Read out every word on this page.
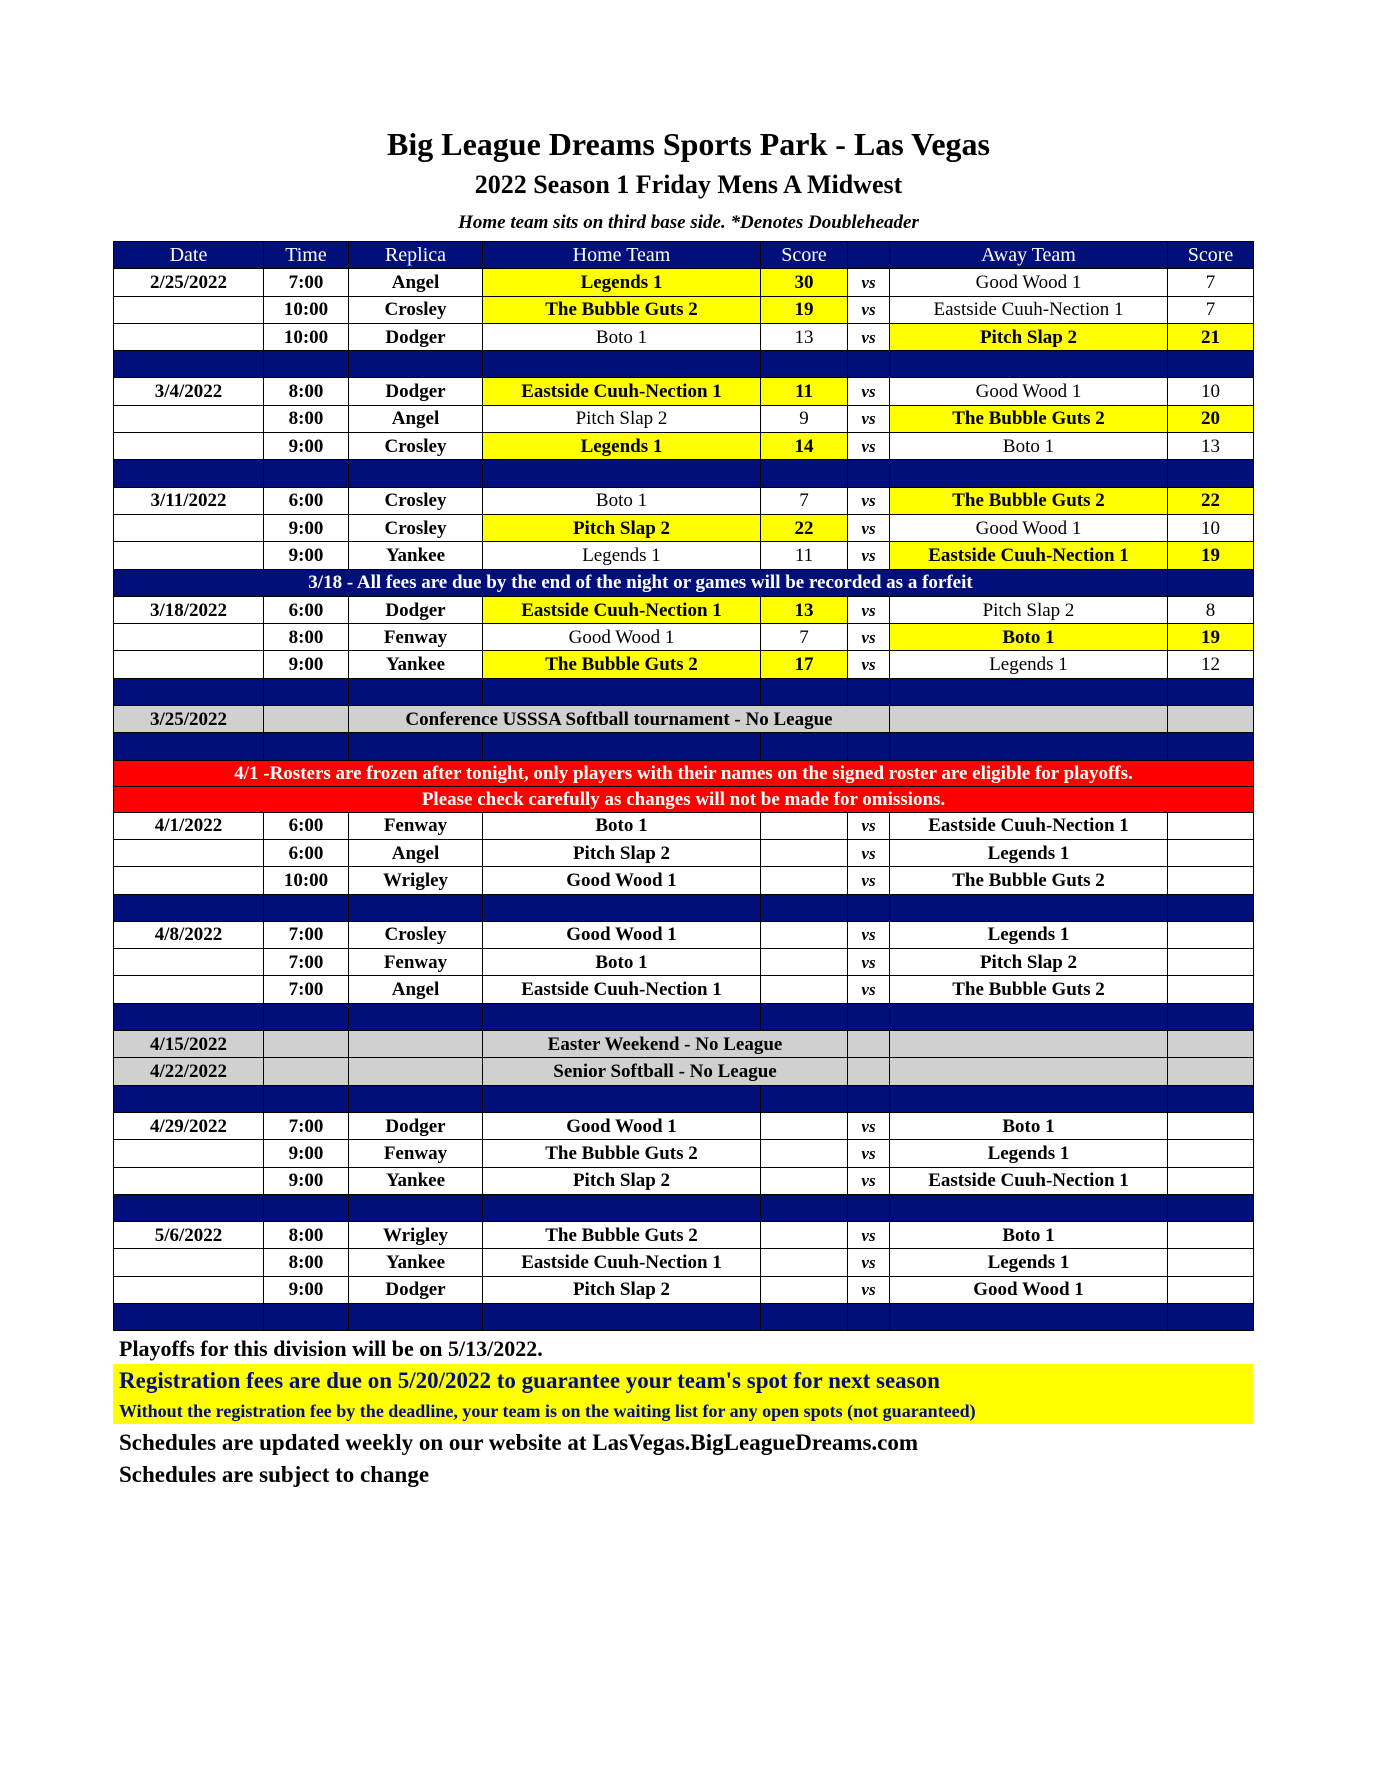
Big League Dreams Sports Park - Las Vegas
2022 Season 1 Friday Mens A Midwest
Home team sits on third base side. *Denotes Doubleheader
Date	Time	Replica	Home Team	Score		Away Team	Score
2/25/2022	7:00	Angel	Legends 1	30	vs	Good Wood 1	7
	10:00	Crosley	The Bubble Guts 2	19	vs	Eastside Cuuh-Nection 1	7
	10:00	Dodger	Boto 1	13	vs	Pitch Slap 2	21

3/4/2022	8:00	Dodger	Eastside Cuuh-Nection 1	11	vs	Good Wood 1	10
	8:00	Angel	Pitch Slap 2	9	vs	The Bubble Guts 2	20
	9:00	Crosley	Legends 1	14	vs	Boto 1	13

3/11/2022	6:00	Crosley	Boto 1	7	vs	The Bubble Guts 2	22
	9:00	Crosley	Pitch Slap 2	22	vs	Good Wood 1	10
	9:00	Yankee	Legends 1	11	vs	Eastside Cuuh-Nection 1	19
3/18 - All fees are due by the end of the night or games will be recorded as a forfeit							
3/18/2022	6:00	Dodger	Eastside Cuuh-Nection 1	13	vs	Pitch Slap 2	8
	8:00	Fenway	Good Wood 1	7	vs	Boto 1	19
	9:00	Yankee	The Bubble Guts 2	17	vs	Legends 1	12

3/25/2022		Conference USSSA Softball tournament - No League					

4/1 -Rosters are frozen after tonight, only players with their names on the signed roster are eligible for playoffs.							
Please check carefully as changes will not be made for omissions.							
4/1/2022	6:00	Fenway	Boto 1		vs	Eastside Cuuh-Nection 1	
	6:00	Angel	Pitch Slap 2		vs	Legends 1	
	10:00	Wrigley	Good Wood 1		vs	The Bubble Guts 2	

4/8/2022	7:00	Crosley	Good Wood 1		vs	Legends 1	
	7:00	Fenway	Boto 1		vs	Pitch Slap 2	
	7:00	Angel	Eastside Cuuh-Nection 1		vs	The Bubble Guts 2	

4/15/2022			Easter Weekend - No League				
4/22/2022			Senior Softball - No League				

4/29/2022	7:00	Dodger	Good Wood 1		vs	Boto 1	
	9:00	Fenway	The Bubble Guts 2		vs	Legends 1	
	9:00	Yankee	Pitch Slap 2		vs	Eastside Cuuh-Nection 1	

5/6/2022	8:00	Wrigley	The Bubble Guts 2		vs	Boto 1	
	8:00	Yankee	Eastside Cuuh-Nection 1		vs	Legends 1	
	9:00	Dodger	Pitch Slap 2		vs	Good Wood 1	

Playoffs for this division will be on 5/13/2022.
Registration fees are due on 5/20/2022 to guarantee your team's spot for next season
Without the registration fee by the deadline, your team is on the waiting list for any open spots (not guaranteed)
Schedules are updated weekly on our website at LasVegas.BigLeagueDreams.com
Schedules are subject to change
